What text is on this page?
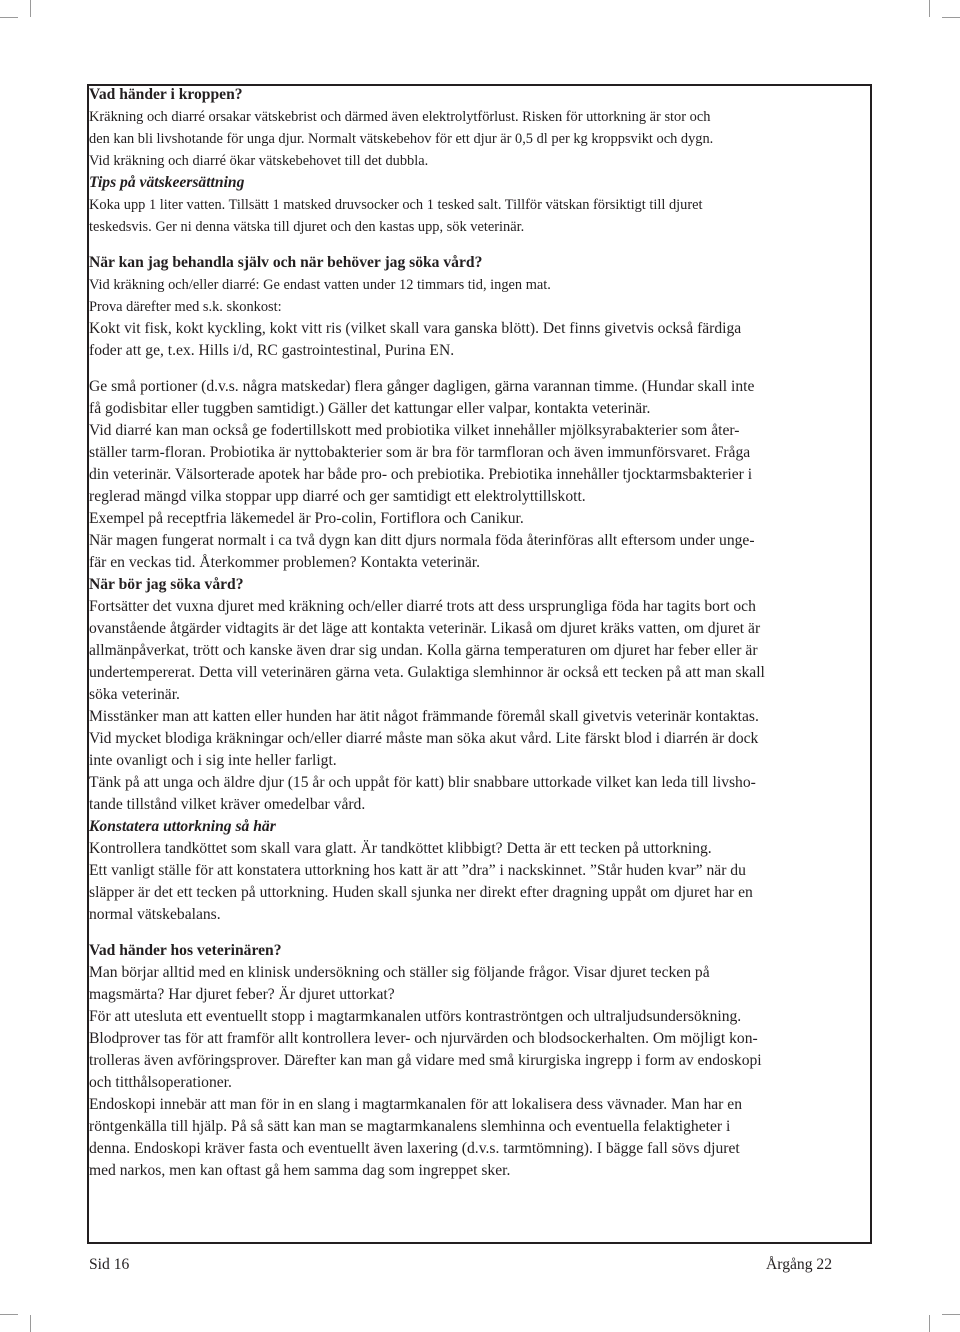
Vad händer i kroppen?
Kräkning och diarré orsakar vätskebrist och därmed även elektrolytförlust. Risken för uttorkning är stor och
den kan bli livshotande för unga djur. Normalt vätskebehov för ett djur är 0,5 dl per kg kroppsvikt och dygn.
Vid kräkning och diarré ökar vätskebehovet till det dubbla.
Tips på vätskeersättning
Koka upp 1 liter vatten. Tillsätt 1 matsked druvsocker och 1 tesked salt. Tillför vätskan försiktigt till djuret
teskedsvis. Ger ni denna vätska till djuret och den kastas upp, sök veterinär.
När kan jag behandla själv och när behöver jag söka vård?
Vid kräkning och/eller diarré: Ge endast vatten under 12 timmars tid, ingen mat.
Prova därefter med s.k. skonkost:
Kokt vit fisk, kokt kyckling, kokt vitt ris (vilket skall vara ganska blött). Det finns givetvis också färdiga
foder att ge, t.ex. Hills i/d, RC gastrointestinal, Purina EN.
Ge små portioner (d.v.s. några matskedar) flera gånger dagligen, gärna varannan timme. (Hundar skall inte
få godisbitar eller tuggben samtidigt.) Gäller det kattungar eller valpar, kontakta veterinär.
Vid diarré kan man också ge fodertillskott med probiotika vilket innehåller mjölksyrabakterier som åter-
ställer tarm-floran. Probiotika är nyttobakterier som är bra för tarmfloran och även immunförsvaret. Fråga
din veterinär. Välsorterade apotek har både pro- och prebiotika. Prebiotika innehåller tjocktarmsbakterier i
reglerad mängd vilka stoppar upp diarré och ger samtidigt ett elektrolyttillskott.
Exempel på receptfria läkemedel är Pro-colin, Fortiflora och Canikur.
När magen fungerat normalt i ca två dygn kan ditt djurs normala föda återinföras allt eftersom under unge-
fär en veckas tid. Återkommer problemen? Kontakta veterinär.
När bör jag söka vård?
Fortsätter det vuxna djuret med kräkning och/eller diarré trots att dess ursprungliga föda har tagits bort och
ovanstående åtgärder vidtagits är det läge att kontakta veterinär. Likaså om djuret kräks vatten, om djuret är
allmänpåverkat, trött och kanske även drar sig undan. Kolla gärna temperaturen om djuret har feber eller är
undertempererat. Detta vill veterinären gärna veta. Gulaktiga slemhinnor är också ett tecken på att man skall
söka veterinär.
Misstänker man att katten eller hunden har ätit något främmande föremål skall givetvis veterinär kontaktas.
Vid mycket blodiga kräkningar och/eller diarré måste man söka akut vård. Lite färskt blod i diarrén är dock
inte ovanligt och i sig inte heller farligt.
Tänk på att unga och äldre djur (15 år och uppåt för katt) blir snabbare uttorkade vilket kan leda till livsho-
tande tillstånd vilket kräver omedelbar vård.
Konstatera uttorkning så här
Kontrollera tandköttet som skall vara glatt. Är tandköttet klibbigt? Detta är ett tecken på uttorkning.
Ett vanligt ställe för att konstatera uttorkning hos katt är att ”dra” i nackskinnet. ”Står huden kvar” när du
släpper är det ett tecken på uttorkning. Huden skall sjunka ner direkt efter dragning uppåt om djuret har en
normal vätskebalans.
Vad händer hos veterinären?
Man börjar alltid med en klinisk undersökning och ställer sig följande frågor. Visar djuret tecken på
magsmärta? Har djuret feber? Är djuret uttorkat?
För att utesluta ett eventuellt stopp i magtarmkanalen utförs kontraströntgen och ultraljudsundersökning.
Blodprover tas för att framför allt kontrollera lever- och njurvärden och blodsockerhalten. Om möjligt kon-
trolleras även avföringsprover. Därefter kan man gå vidare med små kirurgiska ingrepp i form av endoskopi
och titthålsoperationer.
Endoskopi innebär att man för in en slang i magtarmkanalen för att lokalisera dess vävnader. Man har en
röntgenkälla till hjälp. På så sätt kan man se magtarmkanalens slemhinna och eventuella felaktigheter i
denna. Endoskopi kräver fasta och eventuellt även laxering (d.v.s. tarmtömning). I bägge fall sövs djuret
med narkos, men kan oftast gå hem samma dag som ingreppet sker.
Sid 16	Årgång 22
